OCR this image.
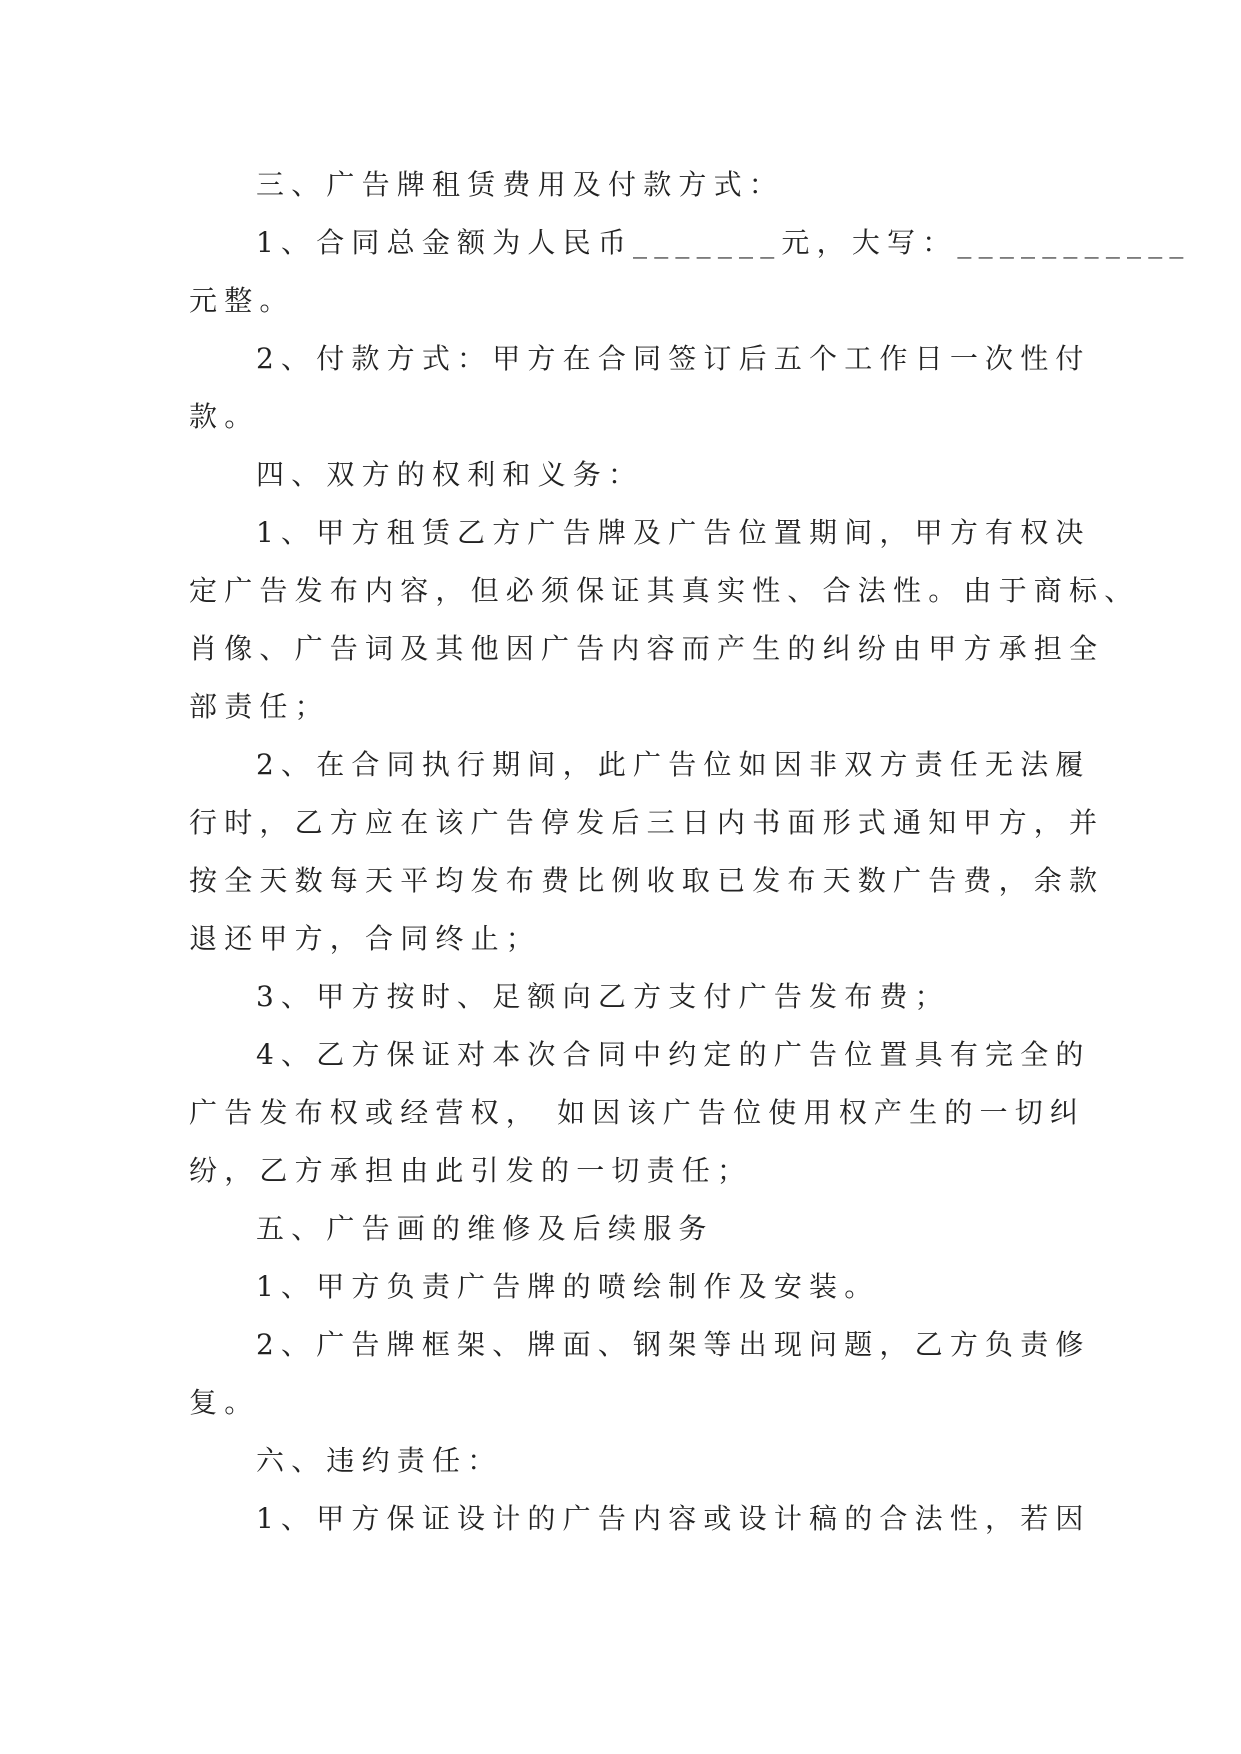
三、广告牌租赁费用及付款方式：

1、合同总金额为人民币_______元，大写：___________

元整。

2、付款方式：甲方在合同签订后五个工作日一次性付

款。

四、双方的权利和义务：

1、甲方租赁乙方广告牌及广告位置期间，甲方有权决

定广告发布内容，但必须保证其真实性、合法性。由于商标、

肖像、广告词及其他因广告内容而产生的纠纷由甲方承担全

部责任；

2、在合同执行期间，此广告位如因非双方责任无法履

行时，乙方应在该广告停发后三日内书面形式通知甲方，并

按全天数每天平均发布费比例收取已发布天数广告费，余款

退还甲方，合同终止；

3、甲方按时、足额向乙方支付广告发布费；

4、乙方保证对本次合同中约定的广告位置具有完全的

广告发布权或经营权， 如因该广告位使用权产生的一切纠

纷，乙方承担由此引发的一切责任；

五、广告画的维修及后续服务

1、甲方负责广告牌的喷绘制作及安装。

2、广告牌框架、牌面、钢架等出现问题，乙方负责修

复。

六、违约责任：

1、甲方保证设计的广告内容或设计稿的合法性，若因
